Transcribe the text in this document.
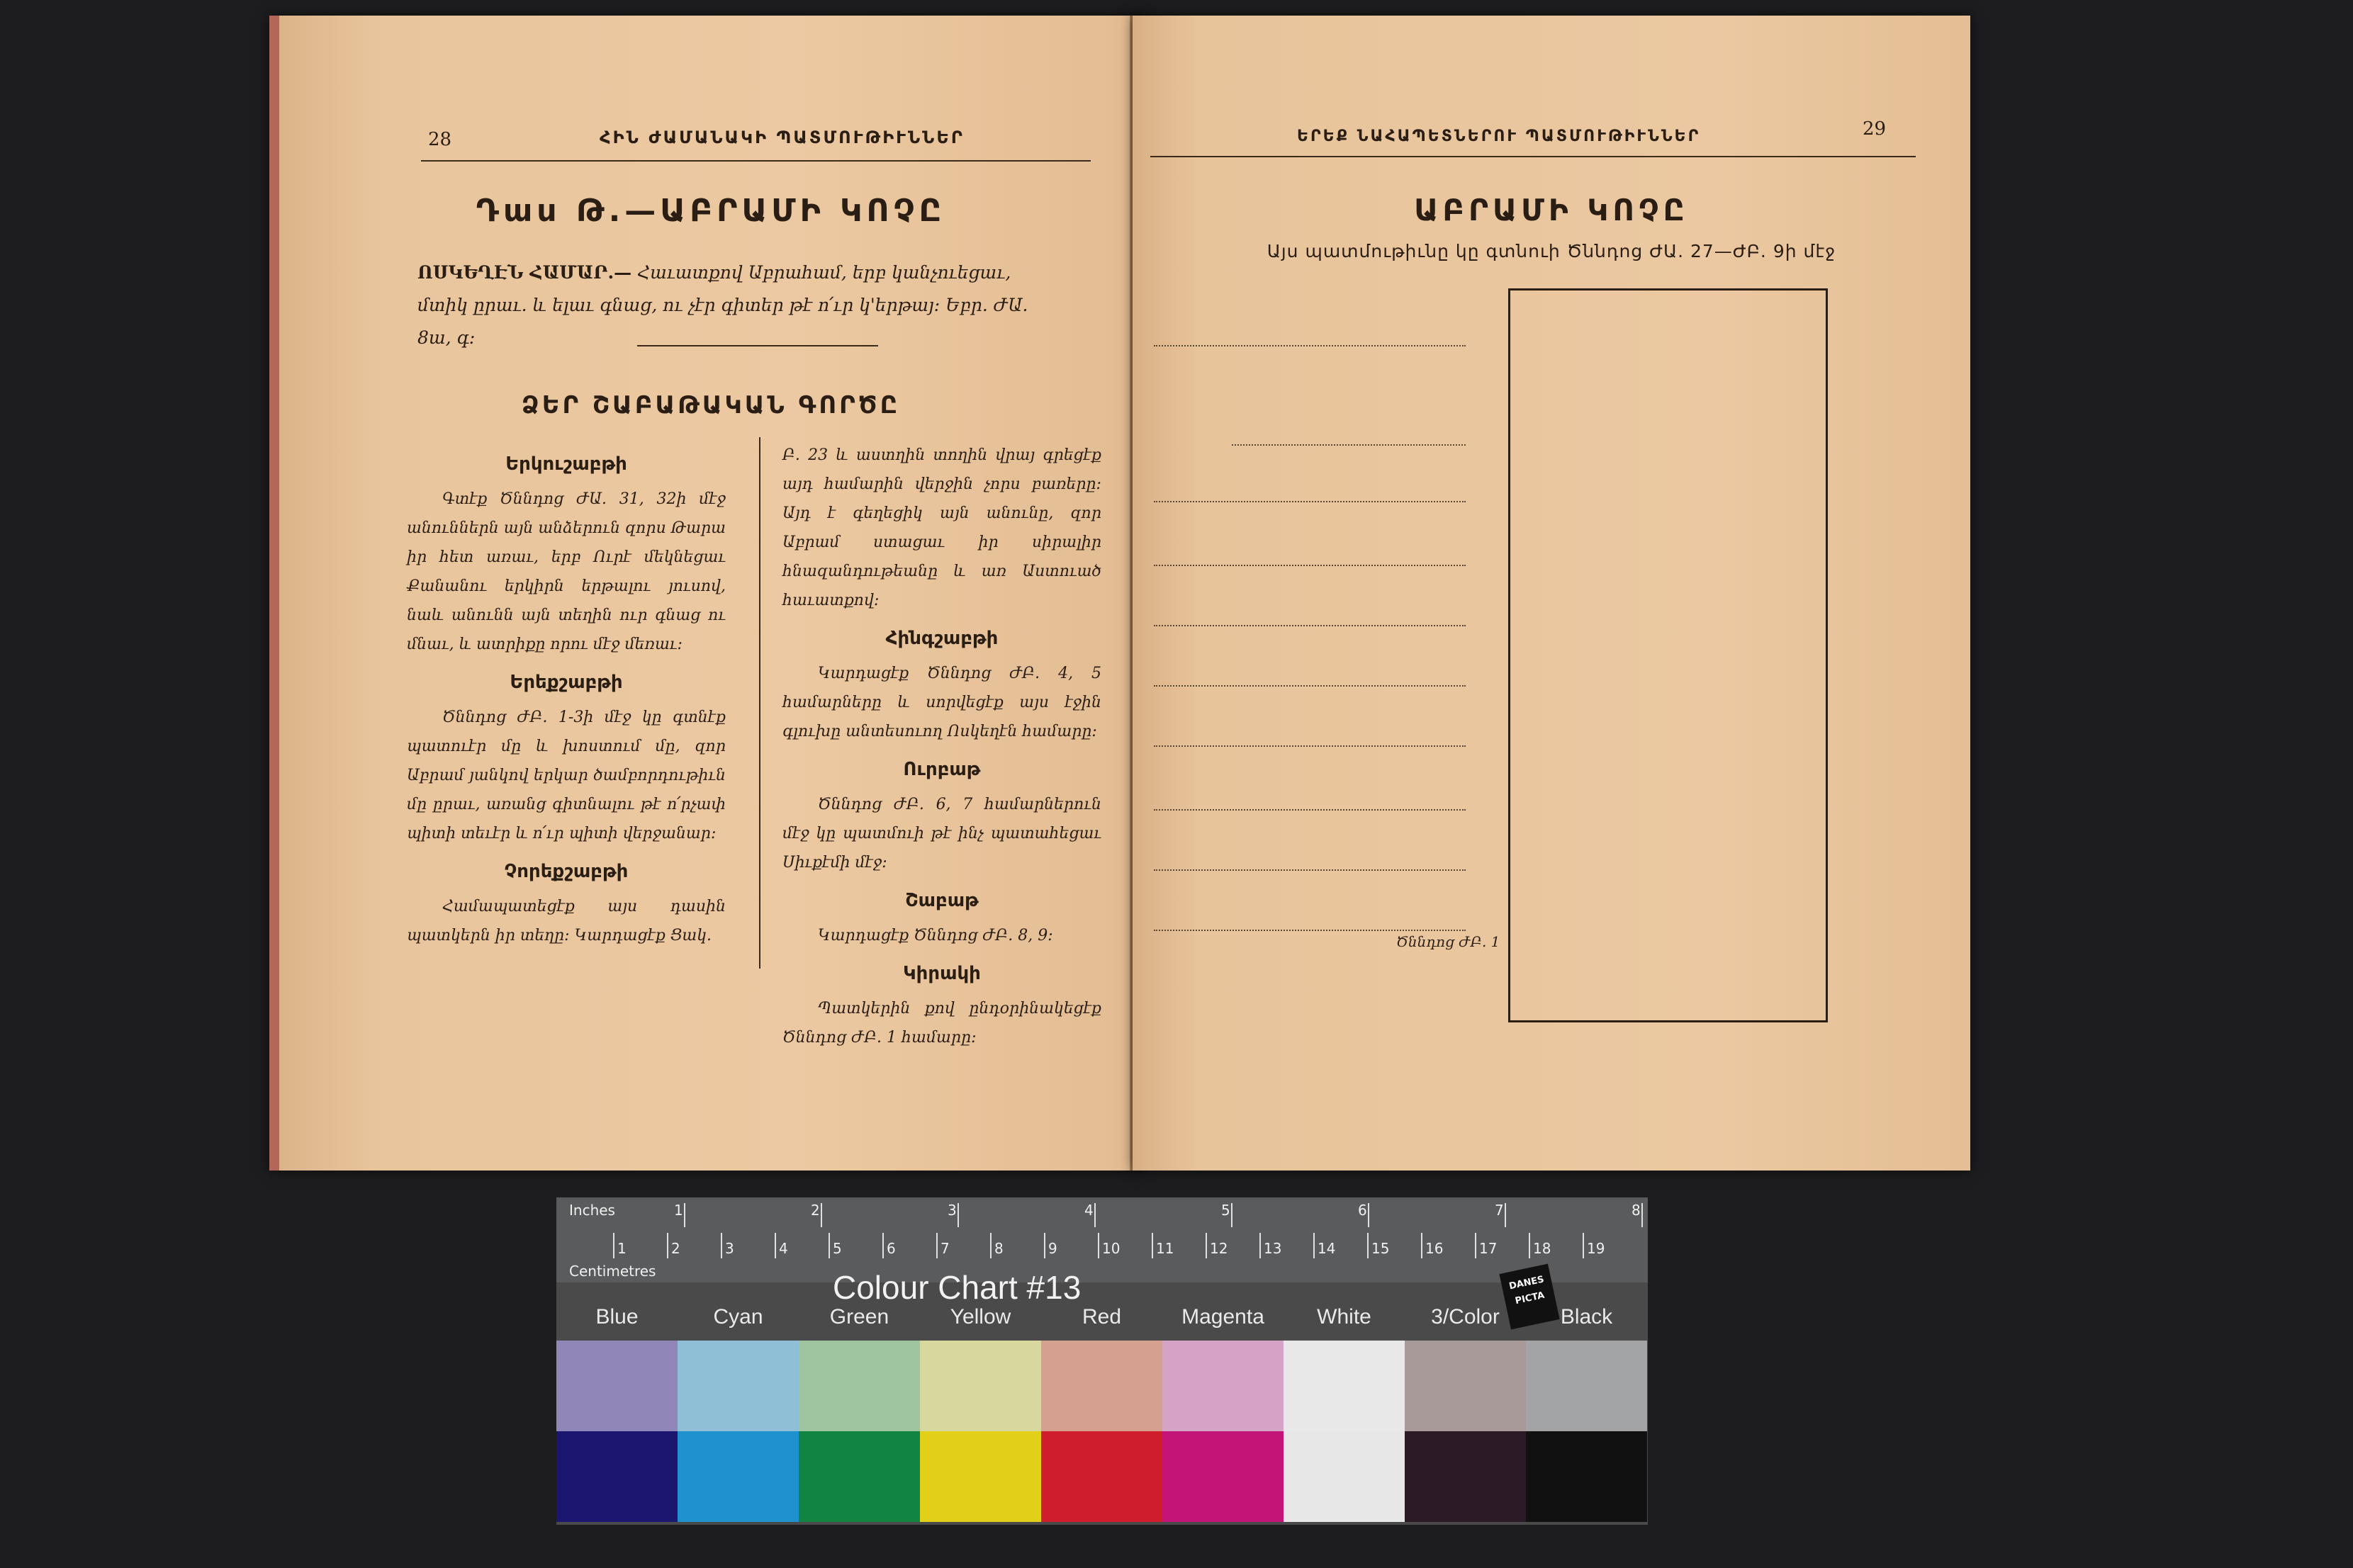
28	ՀԻՆ ԺԱՄԱՆԱԿԻ ՊԱՏՄՈՒԹԻՒՆՆԵՐ
Դաս Թ.—ԱԲՐԱՄԻ ԿՈՉԸ
ՈՍԿԵՂԷՆ ՀԱՄԱՐ.— Հաւատքով Աբրահամ, երբ կանչուեցաւ, մտիկ ըրաւ. և ելաւ գնաց, ու չէր գիտեր թէ ո՛ւր կ'երթայ։ Եբր. ԺԱ. 8ա, գ։
ՁԵՐ ՇԱԲԱԹԱԿԱՆ ԳՈՐԾԸ
Երկուշաբթի
Գտէք Ծննդոց ԺԱ. 31, 32ի մէջ անուններն այն անձերուն զորս Թարա իր հետ առաւ, երբ Ուրէ մեկնեցաւ Քանանու երկիրն երթալու յուսով, նաև անունն այն տեղին ուր գնաց ու մնաւ, և ատրիքը որու մէջ մեռաւ։
Երեքշաբթի
Ծննդոց ԺԲ. 1-3ի մէջ կը գտնէք պատուէր մը և խոստում մը, զոր Աբրամ յանկով երկար ծամբորդութիւն մը ըրաւ, առանց գիտնալու թէ ո՛րչափ պիտի տեւէր և ո՛ւր պիտի վերջանար։
Չորեքշաբթի
Համապատեցէք այս դասին պատկերն իր տեղը։ Կարդացէք Ցակ.
Բ. 23 և աստղին տողին վրայ գրեցէք այդ համարին վերջին չորս բառերը։ Այդ է գեղեցիկ այն անունը, զոր Աբրամ ստացաւ իր սիրալիր հնազանդութեանը և առ Աստուած հաւատքով։
Հինգշաբթի
Կարդացէք Ծննդոց ԺԲ. 4, 5 համարները և սորվեցէք այս էջին գլուխը անտեսուող Ոսկեղէն համարը։
Ուրբաթ
Ծննդոց ԺԲ. 6, 7 համարներուն մէջ կը պատմուի թէ ինչ պատահեցաւ Սիւքէմի մէջ։
Շաբաթ
Կարդացէք Ծննդոց ԺԲ. 8, 9։
Կիրակի
Պատկերին քով ընդօրինակեցէք Ծննդոց ԺԲ. 1 համարը։
ԵՐԵՔ ՆԱՀԱՊԵՏՆԵՐՈՒ ՊԱՏՄՈՒԹԻՒՆՆԵՐ	29
ԱԲՐԱՄԻ ԿՈՉԸ
Այս պատմութիւնը կը գտնուի Ծննդոց ԺԱ. 27—ԺԲ. 9ի մէջ
Ծննդոց ԺԲ. 1
Inches
Centimetres
1	2	3	4	5	6	7	8
1	2	3	4	5	6	7	8	9	10	11	12	13	14	15	16	17	18	19
Colour Chart #13	DANES PICTA
Blue	Cyan	Green	Yellow	Red	Magenta	White	3/Color	Black
